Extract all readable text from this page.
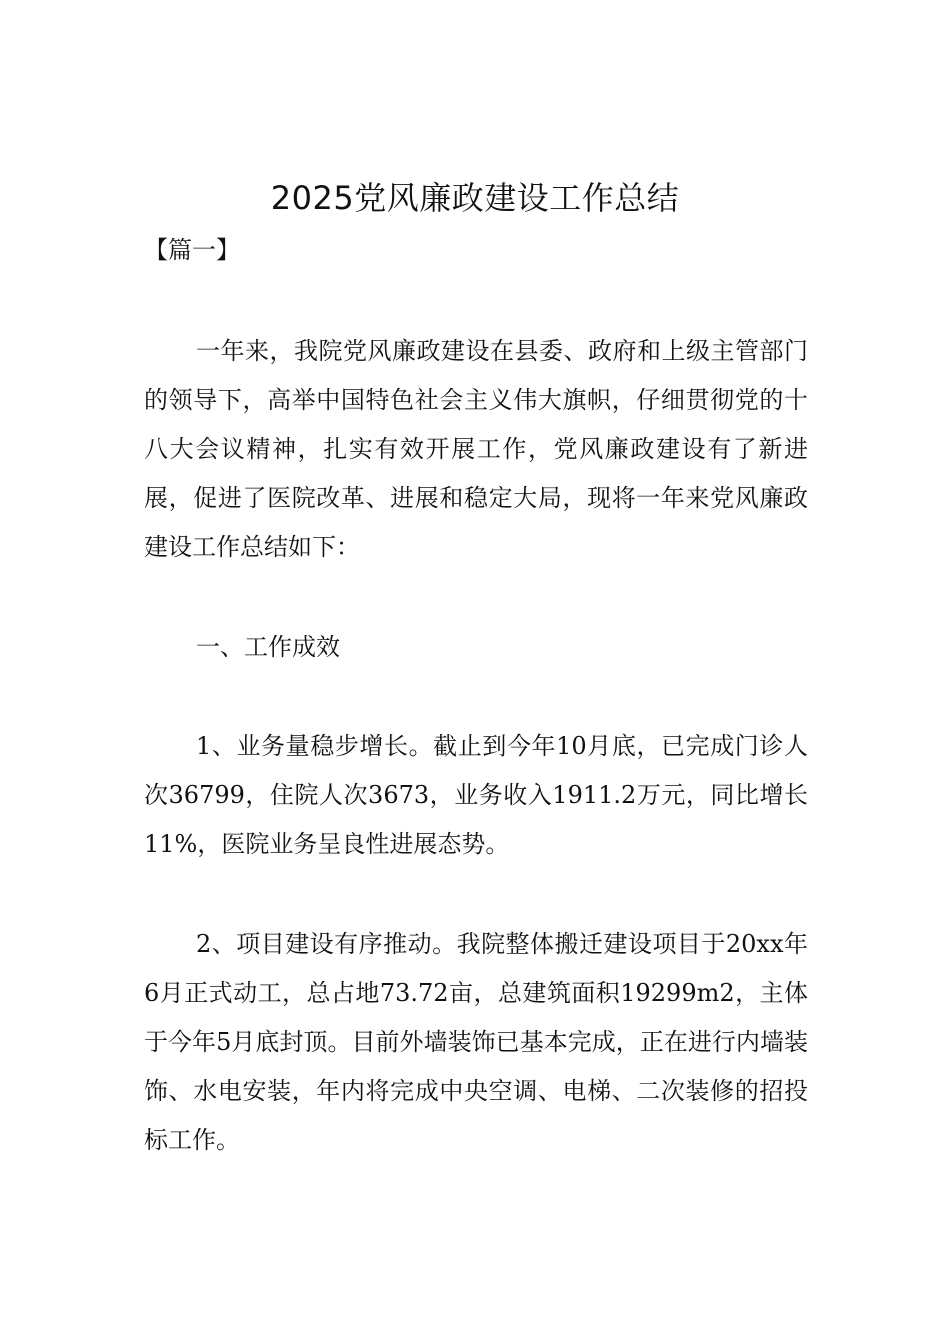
2025党风廉政建设工作总结
【篇一】

一年来，我院党风廉政建设在县委、政府和上级主管部门的领导下，高举中国特色社会主义伟大旗帜，仔细贯彻党的十八大会议精神，扎实有效开展工作，党风廉政建设有了新进展，促进了医院改革、进展和稳定大局，现将一年来党风廉政建设工作总结如下：

一、工作成效

1、业务量稳步增长。截止到今年10月底，已完成门诊人次36799，住院人次3673，业务收入1911.2万元，同比增长11%，医院业务呈良性进展态势。

2、项目建设有序推动。我院整体搬迁建设项目于20xx年6月正式动工，总占地73.72亩，总建筑面积19299m2，主体于今年5月底封顶。目前外墙装饰已基本完成，正在进行内墙装饰、水电安装，年内将完成中央空调、电梯、二次装修的招投标工作。
